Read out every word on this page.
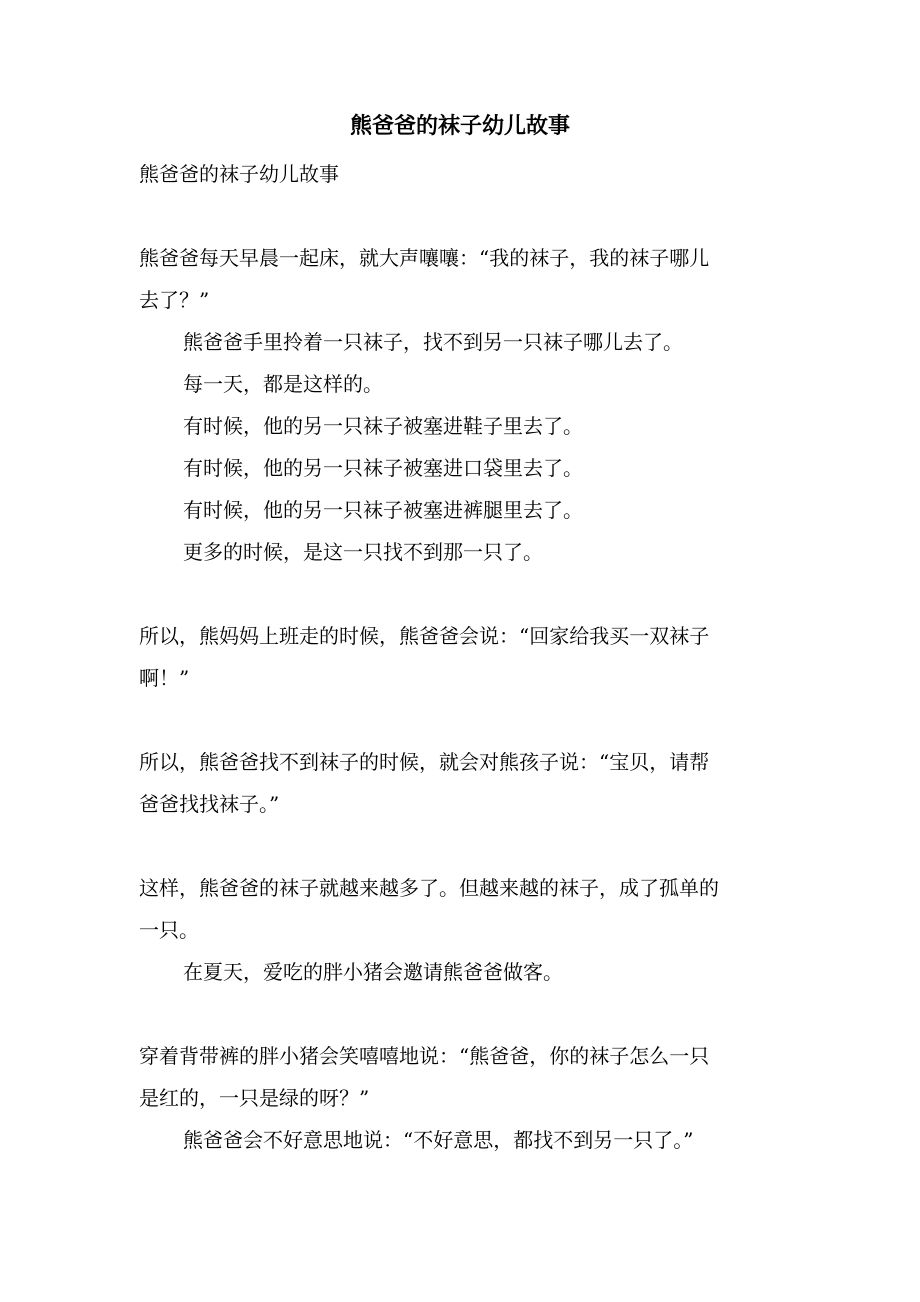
熊爸爸的袜子幼儿故事
熊爸爸的袜子幼儿故事
熊爸爸每天早晨一起床，就大声嚷嚷：“我的袜子，我的袜子哪儿
去了？”
熊爸爸手里拎着一只袜子，找不到另一只袜子哪儿去了。
每一天，都是这样的。
有时候，他的另一只袜子被塞进鞋子里去了。
有时候，他的另一只袜子被塞进口袋里去了。
有时候，他的另一只袜子被塞进裤腿里去了。
更多的时候，是这一只找不到那一只了。
所以，熊妈妈上班走的时候，熊爸爸会说：“回家给我买一双袜子
啊！”
所以，熊爸爸找不到袜子的时候，就会对熊孩子说：“宝贝，请帮
爸爸找找袜子。”
这样，熊爸爸的袜子就越来越多了。但越来越的袜子，成了孤单的
一只。
在夏天，爱吃的胖小猪会邀请熊爸爸做客。
穿着背带裤的胖小猪会笑嘻嘻地说：“熊爸爸，你的袜子怎么一只
是红的，一只是绿的呀？”
熊爸爸会不好意思地说：“不好意思，都找不到另一只了。”
